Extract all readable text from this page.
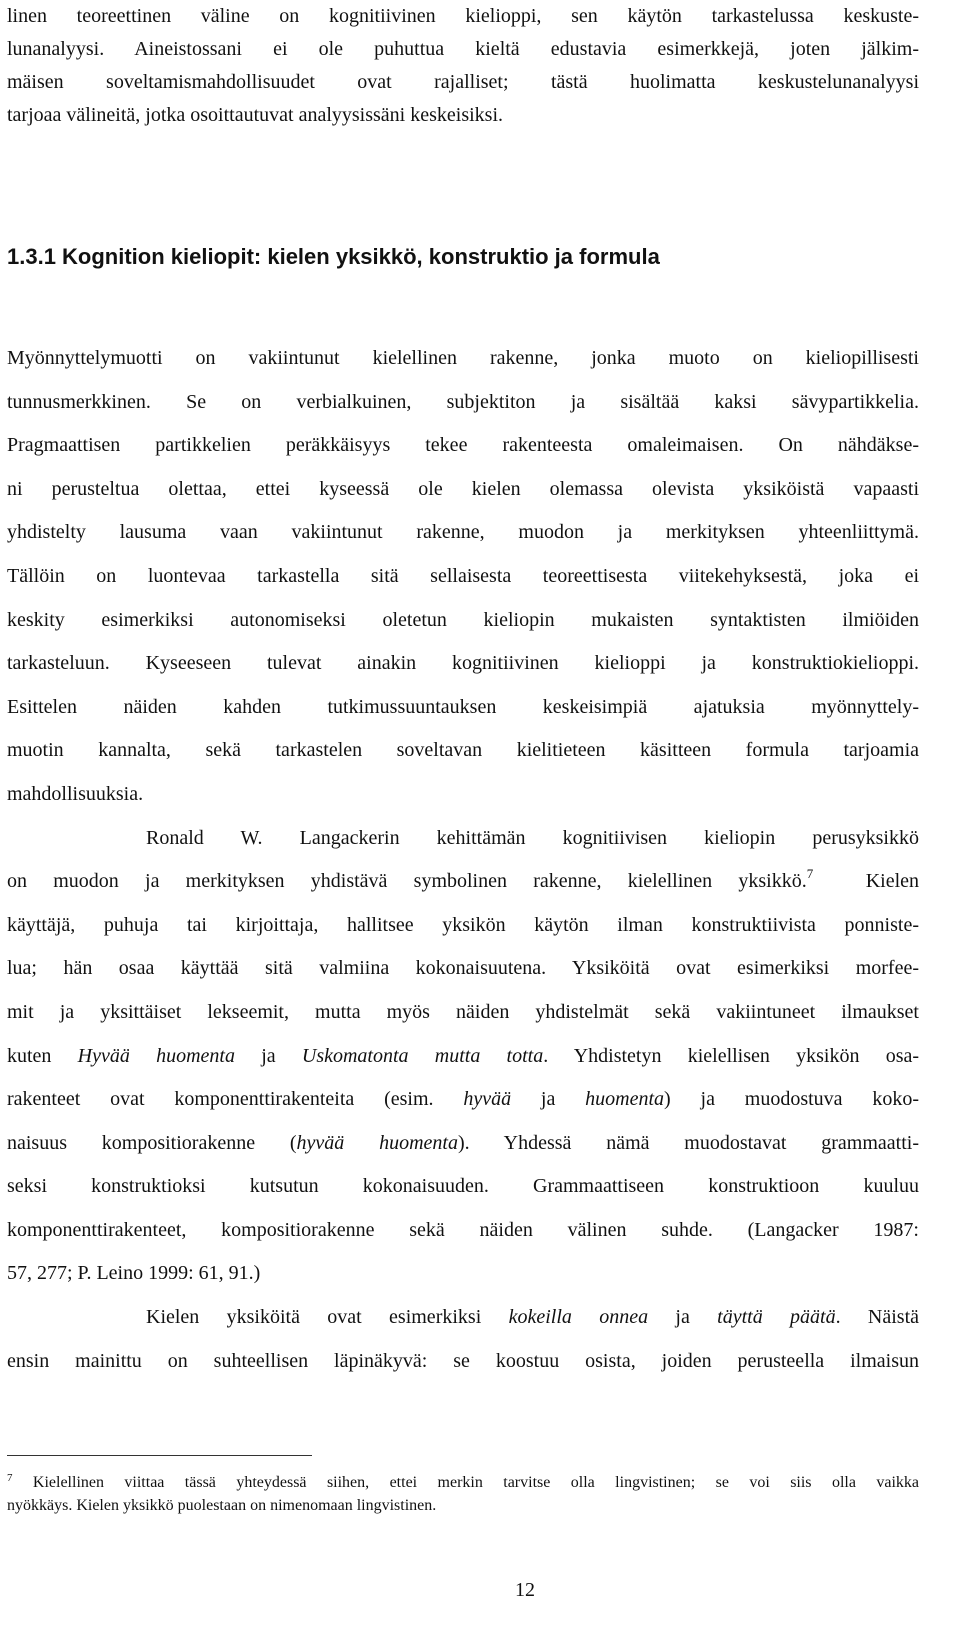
linen teoreettinen väline on kognitiivinen kielioppi, sen käytön tarkastelussa keskuste-
lunanalyysi. Aineistossani ei ole puhuttua kieltä edustavia esimerkkejä, joten jälkim-
mäisen soveltamismahdollisuudet ovat rajalliset; tästä huolimatta keskustelunanalyysi
tarjoaa välineitä, jotka osoittautuvat analyysissäni keskeisiksi.
1.3.1 Kognition kieliopit: kielen yksikkö, konstruktio ja formula
Myönnyttelymuotti on vakiintunut kielellinen rakenne, jonka muoto on kieliopillisesti
tunnusmerkkinen. Se on verbialkuinen, subjektiton ja sisältää kaksi sävypartikkelia.
Pragmaattisen partikkelien peräkkäisyys tekee rakenteesta omaleimaisen. On nähdäkse-
ni perusteltua olettaa, ettei kyseessä ole kielen olemassa olevista yksiköistä vapaasti
yhdistelty lausuma vaan vakiintunut rakenne, muodon ja merkityksen yhteenliittymä.
Tällöin on luontevaa tarkastella sitä sellaisesta teoreettisesta viitekehyksestä, joka ei
keskity esimerkiksi autonomiseksi oletetun kieliopin mukaisten syntaktisten ilmiöiden
tarkasteluun. Kyseeseen tulevat ainakin kognitiivinen kielioppi ja konstruktiokielioppi.
Esittelen näiden kahden tutkimussuuntauksen keskeisimpiä ajatuksia myönnyttely-
muotin kannalta, sekä tarkastelen soveltavan kielitieteen käsitteen formula tarjoamia
mahdollisuuksia.
Ronald W. Langackerin kehittämän kognitiivisen kieliopin perusyksikkö
on muodon ja merkityksen yhdistävä symbolinen rakenne, kielellinen yksikkö.$^7$	Kielen
käyttäjä, puhuja tai kirjoittaja, hallitsee yksikön käytön ilman konstruktiivista ponniste-
lua; hän osaa käyttää sitä valmiina kokonaisuutena. Yksiköitä ovat esimerkiksi morfee-
mit ja yksittäiset lekseemit, mutta myös näiden yhdistelmät sekä vakiintuneet ilmaukset
kuten Hyvää huomenta ja Uskomatonta mutta totta. Yhdistetyn kielellisen yksikön osa-
rakenteet ovat komponenttirakenteita (esim. hyvää ja huomenta) ja muodostuva koko-
naisuus kompositiorakenne (hyvää huomenta). Yhdessä nämä muodostavat grammaatti-
seksi konstruktioksi kutsutun kokonaisuuden. Grammaattiseen konstruktioon kuuluu
komponenttirakenteet, kompositiorakenne sekä näiden välinen suhde. (Langacker 1987:
57, 277; P. Leino 1999: 61, 91.)
Kielen yksiköitä ovat esimerkiksi kokeilla onnea ja täyttä päätä. Näistä
ensin mainittu on suhteellisen läpinäkyvä: se koostuu osista, joiden perusteella ilmaisun
$^7$ Kielellinen viittaa tässä yhteydessä siihen, ettei merkin tarvitse olla lingvistinen; se voi siis olla vaikka
nyökkäys. Kielen yksikkö puolestaan on nimenomaan lingvistinen.
12
